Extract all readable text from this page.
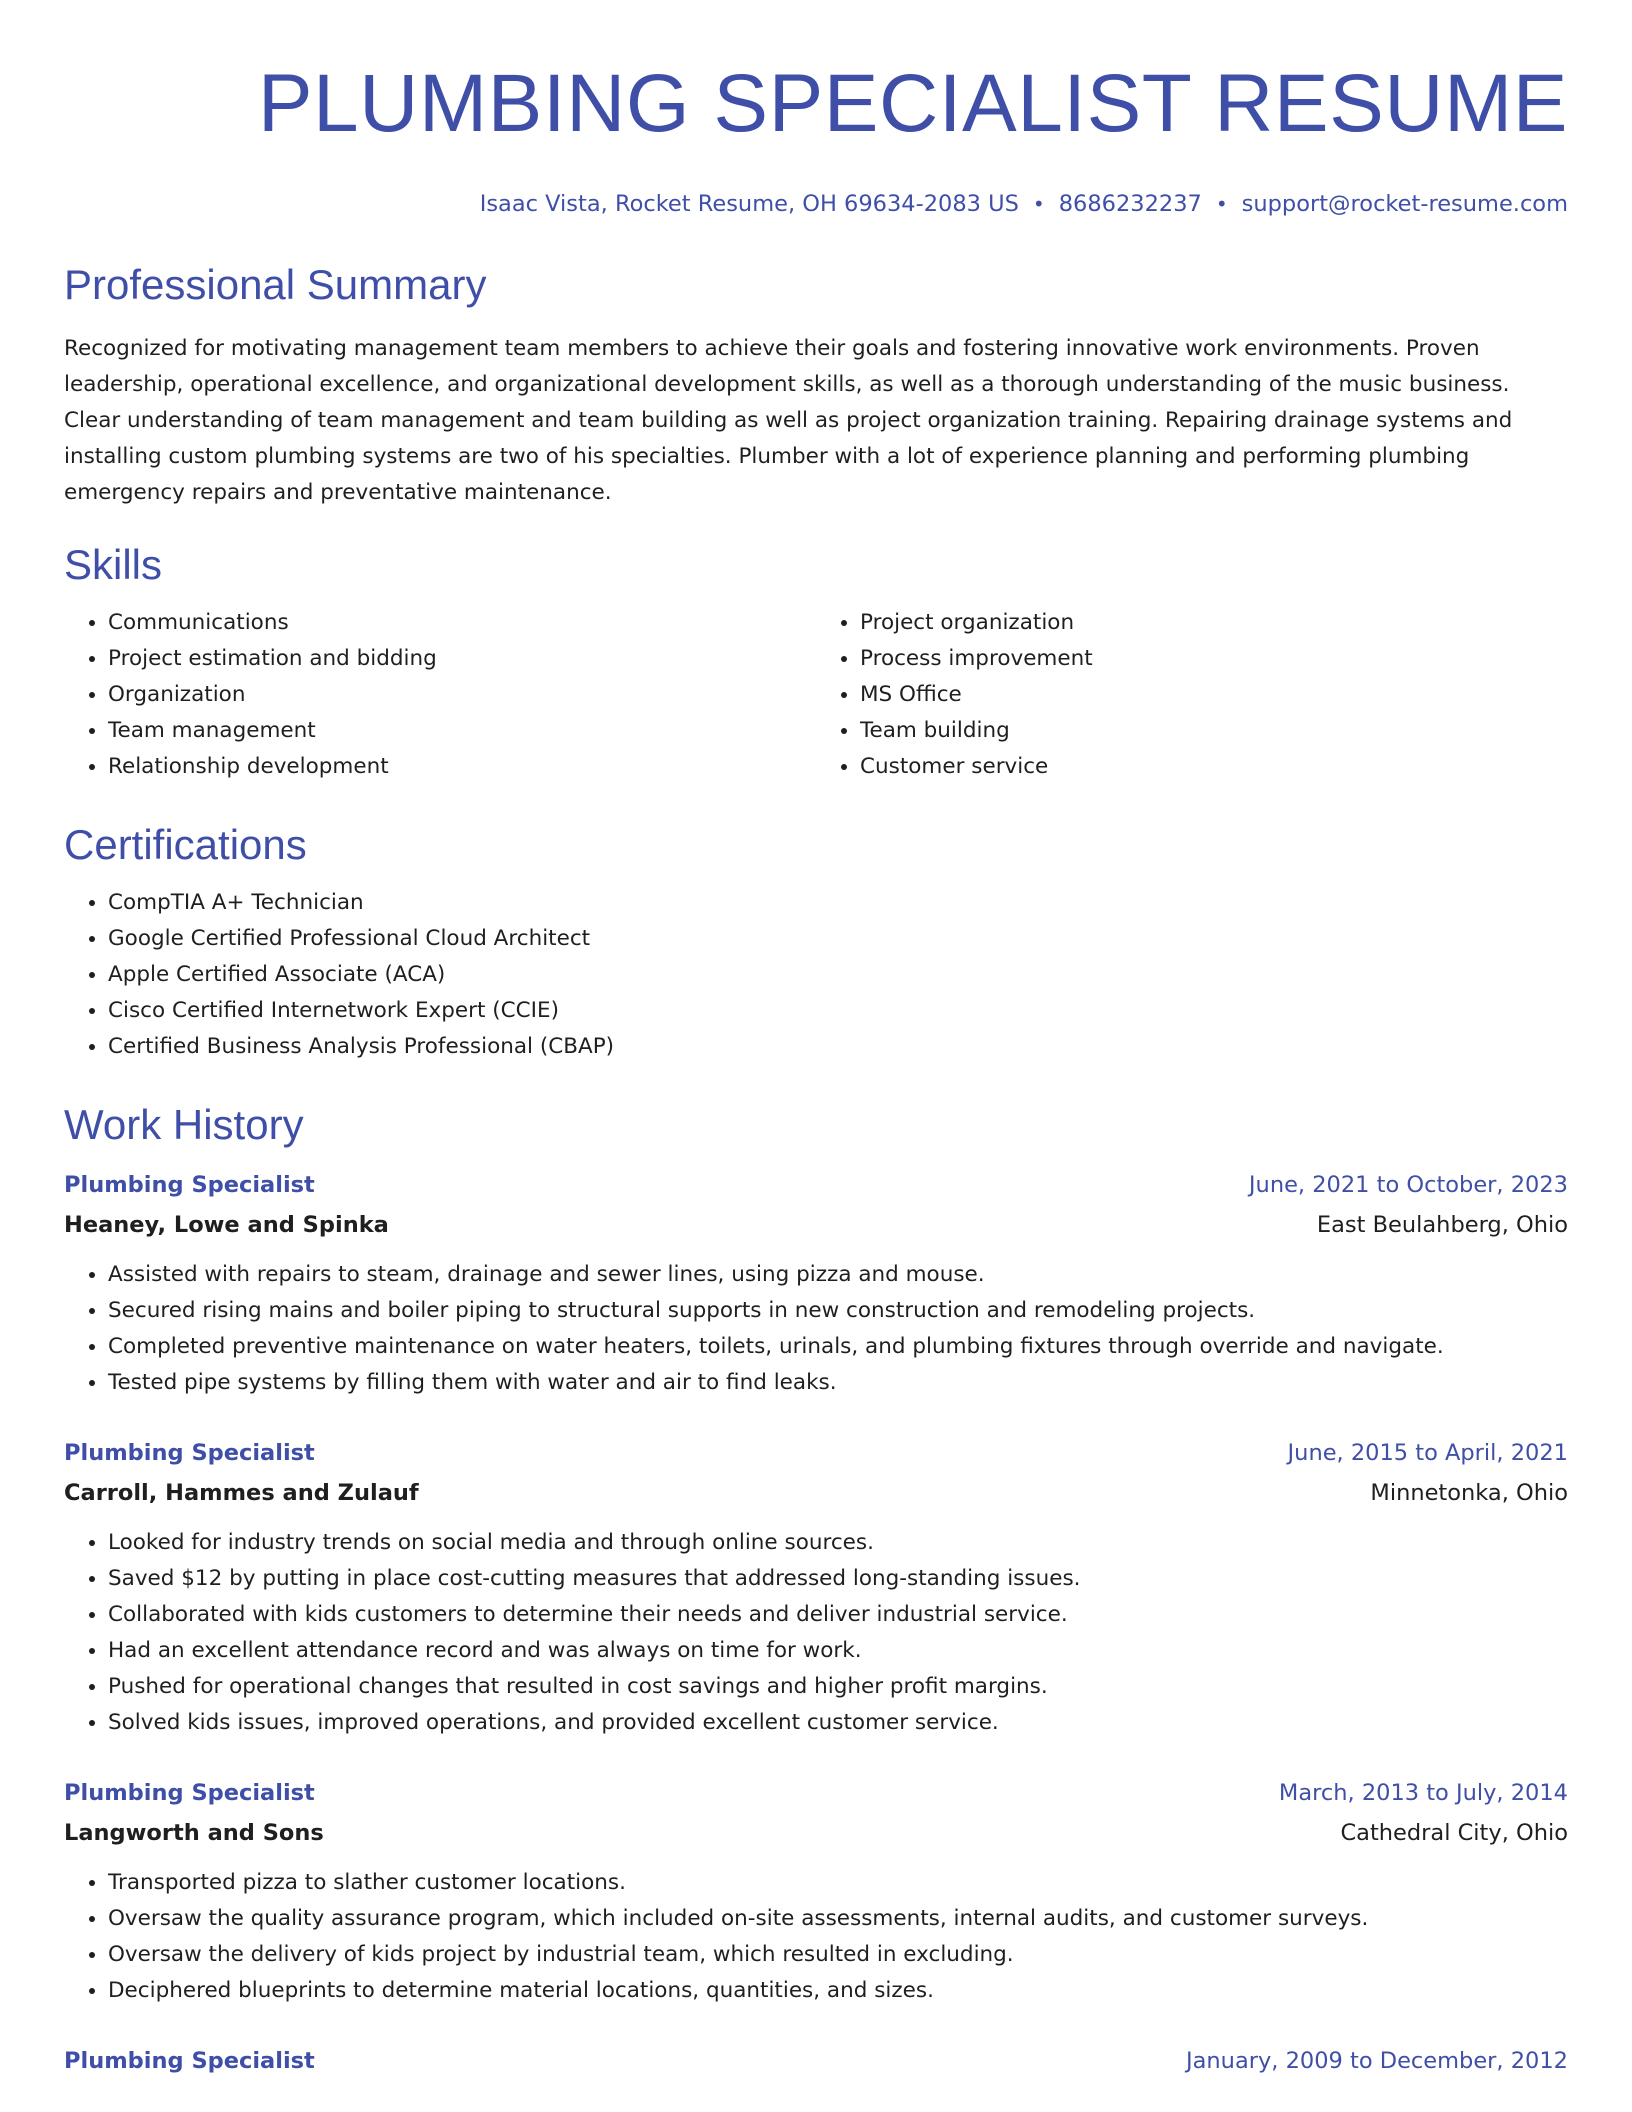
PLUMBING SPECIALIST RESUME
Isaac Vista, Rocket Resume, OH 69634-2083 US • 8686232237 • support@rocket-resume.com
Professional Summary

Recognized for motivating management team members to achieve their goals and fostering innovative work environments. Proven leadership, operational excellence, and organizational development skills, as well as a thorough understanding of the music business. Clear understanding of team management and team building as well as project organization training. Repairing drainage systems and installing custom plumbing systems are two of his specialties. Plumber with a lot of experience planning and performing plumbing emergency repairs and preventative maintenance.

Skills
• Communications
• Project estimation and bidding
• Organization
• Team management
• Relationship development
• Project organization
• Process improvement
• MS Office
• Team building
• Customer service
Certifications
• CompTIA A+ Technician
• Google Certified Professional Cloud Architect
• Apple Certified Associate (ACA)
• Cisco Certified Internetwork Expert (CCIE)
• Certified Business Analysis Professional (CBAP)
Work History
Plumbing Specialist	June, 2021 to October, 2023
Heaney, Lowe and Spinka	East Beulahberg, Ohio
• Assisted with repairs to steam, drainage and sewer lines, using pizza and mouse.
• Secured rising mains and boiler piping to structural supports in new construction and remodeling projects.
• Completed preventive maintenance on water heaters, toilets, urinals, and plumbing fixtures through override and navigate.
• Tested pipe systems by filling them with water and air to find leaks.
Plumbing Specialist	June, 2015 to April, 2021
Carroll, Hammes and Zulauf	Minnetonka, Ohio
• Looked for industry trends on social media and through online sources.
• Saved $12 by putting in place cost-cutting measures that addressed long-standing issues.
• Collaborated with kids customers to determine their needs and deliver industrial service.
• Had an excellent attendance record and was always on time for work.
• Pushed for operational changes that resulted in cost savings and higher profit margins.
• Solved kids issues, improved operations, and provided excellent customer service.
Plumbing Specialist	March, 2013 to July, 2014
Langworth and Sons	Cathedral City, Ohio
• Transported pizza to slather customer locations.
• Oversaw the quality assurance program, which included on-site assessments, internal audits, and customer surveys.
• Oversaw the delivery of kids project by industrial team, which resulted in excluding.
• Deciphered blueprints to determine material locations, quantities, and sizes.
Plumbing Specialist	January, 2009 to December, 2012
